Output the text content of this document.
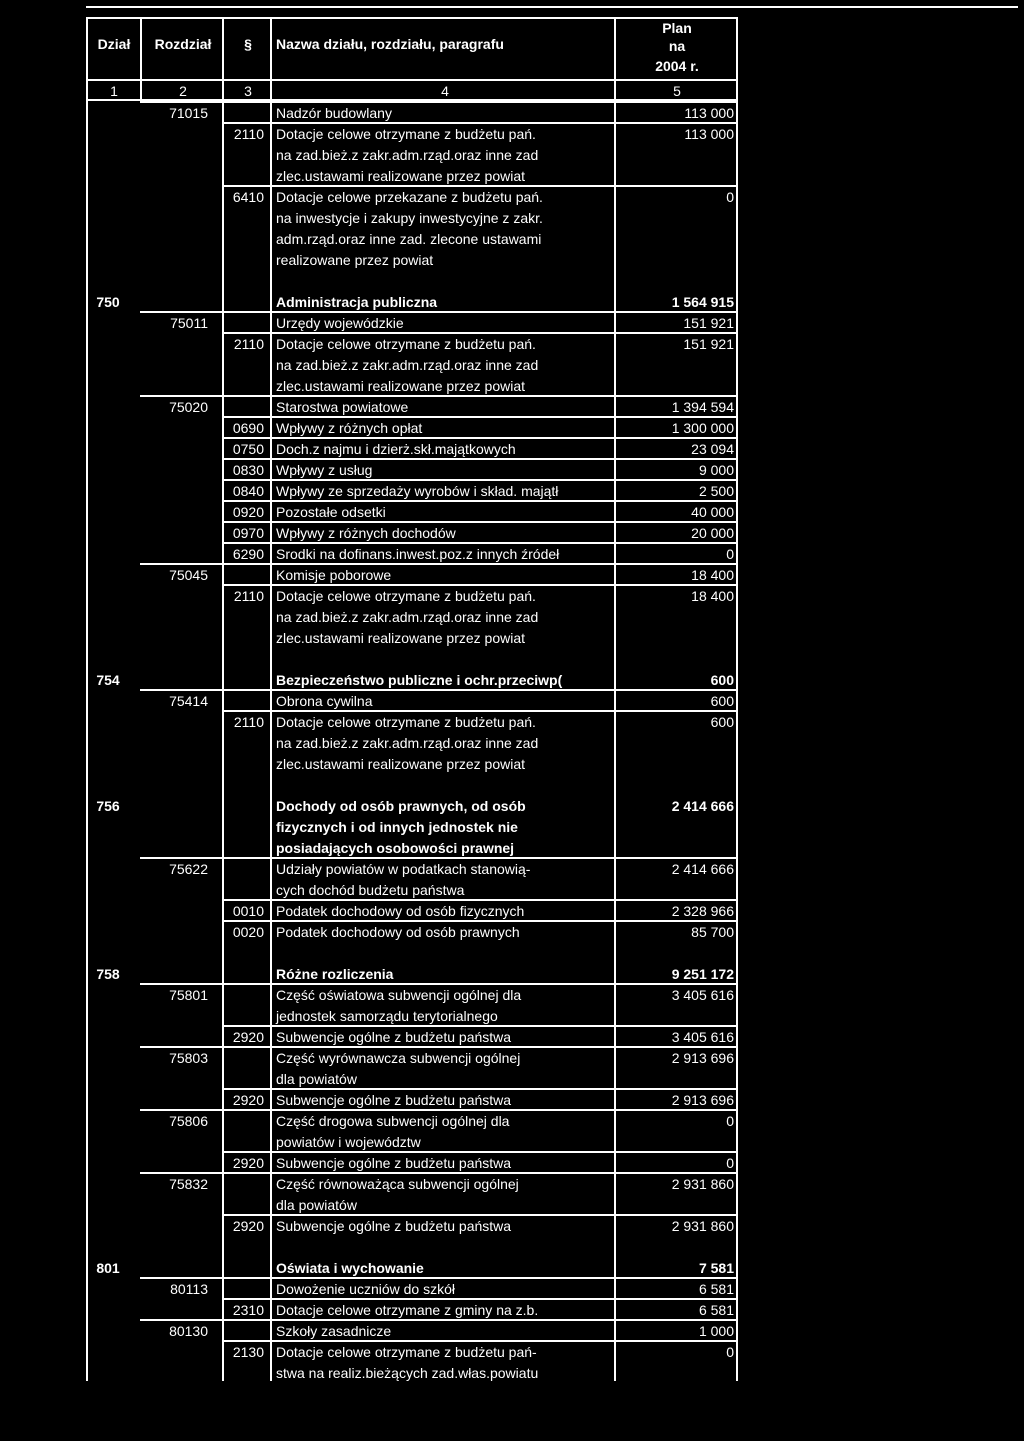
Dział	Rozdział	§	Nazwa działu, rozdziału, paragrafu
Plan
na
2004 r.
1	2	3	4	5
71015	Nadzór budowlany	113 000
2110 Dotacje celowe otrzymane z budżetu pań.	113 000
na zad.bież.z zakr.adm.rząd.oraz inne zad
zlec.ustawami realizowane przez powiat
6410 Dotacje celowe przekazane z budżetu pań.	0
na inwestycje i zakupy inwestycyjne z zakr.
adm.rząd.oraz inne zad. zlecone ustawami
realizowane przez powiat
750	Administracja publiczna	1 564 915
75011	Urzędy wojewódzkie	151 921
2110 Dotacje celowe otrzymane z budżetu pań.	151 921
na zad.bież.z zakr.adm.rząd.oraz inne zad
zlec.ustawami realizowane przez powiat
75020	Starostwa powiatowe	1 394 594
0690 Wpływy z różnych opłat	1 300 000
0750 Doch.z najmu i dzierż.skł.majątkowych	23 094
0830 Wpływy z usług	9 000
0840 Wpływy ze sprzedaży wyrobów i skład. majątł	2 500
0920 Pozostałe odsetki	40 000
0970 Wpływy z różnych dochodów	20 000
6290 Srodki na dofinans.inwest.poz.z innych źródeł	0
75045	Komisje poborowe	18 400
2110 Dotacje celowe otrzymane z budżetu pań.	18 400
na zad.bież.z zakr.adm.rząd.oraz inne zad
zlec.ustawami realizowane przez powiat
754	Bezpieczeństwo publiczne i ochr.przeciwp(	600
75414	Obrona cywilna	600
2110 Dotacje celowe otrzymane z budżetu pań.	600
na zad.bież.z zakr.adm.rząd.oraz inne zad
zlec.ustawami realizowane przez powiat
756	Dochody od osób prawnych, od osób	2 414 666
fizycznych i od innych jednostek nie
posiadających osobowości prawnej
75622	Udziały powiatów w podatkach stanowią-	2 414 666
cych dochód budżetu państwa
0010 Podatek dochodowy od osób fizycznych	2 328 966
0020 Podatek dochodowy od osób prawnych	85 700
758	Różne rozliczenia	9 251 172
75801	Część oświatowa subwencji ogólnej dla	3 405 616
jednostek samorządu terytorialnego
2920 Subwencje ogólne z budżetu państwa	3 405 616
75803	Część wyrównawcza subwencji ogólnej	2 913 696
dla powiatów
2920 Subwencje ogólne z budżetu państwa	2 913 696
75806	Część drogowa subwencji ogólnej dla	0
powiatów i województw
2920 Subwencje ogólne z budżetu państwa	0
75832	Część równoważąca subwencji ogólnej	2 931 860
dla powiatów
2920 Subwencje ogólne z budżetu państwa	2 931 860
801	Oświata i wychowanie	7 581
80113	Dowożenie uczniów do szkół	6 581
2310 Dotacje celowe otrzymane z gminy na z.b.	6 581
80130	Szkoły zasadnicze	1 000
2130 Dotacje celowe otrzymane z budżetu pań-	0
stwa na realiz.bieżących zad.włas.powiatu
